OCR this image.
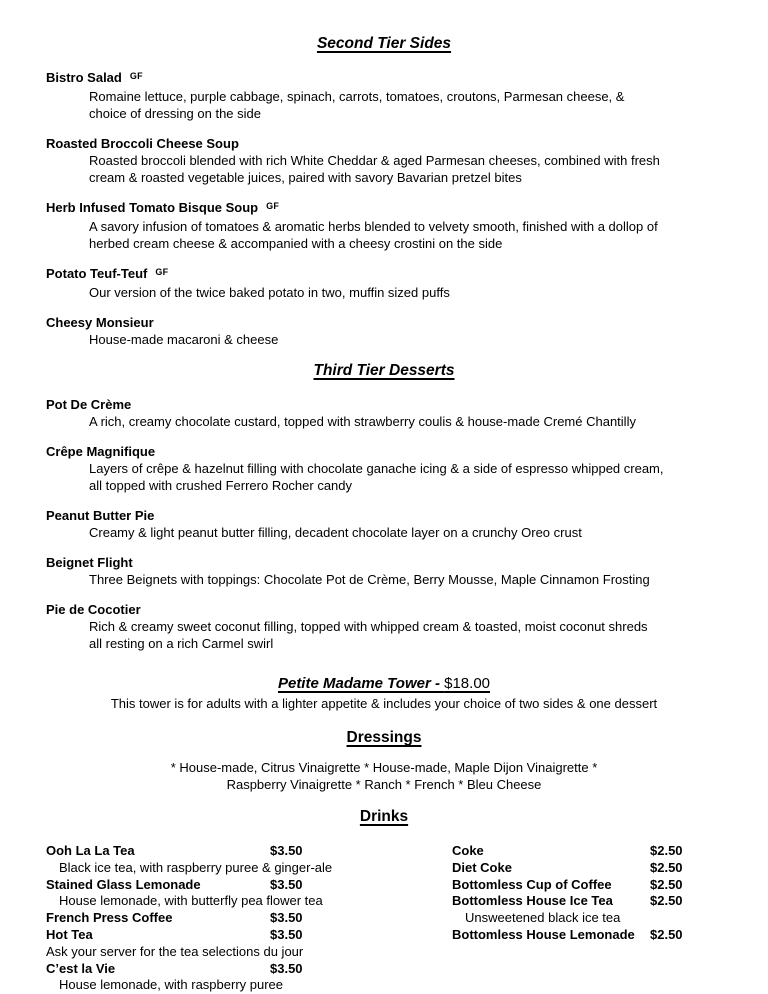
Second Tier Sides
Bistro Salad $^{GF}$
Romaine lettuce, purple cabbage, spinach, carrots, tomatoes, croutons, Parmesan cheese, &
choice of dressing on the side
Roasted Broccoli Cheese Soup
Roasted broccoli blended with rich White Cheddar & aged Parmesan cheeses, combined with fresh
cream & roasted vegetable juices, paired with savory Bavarian pretzel bites
Herb Infused Tomato Bisque Soup $^{GF}$
A savory infusion of tomatoes & aromatic herbs blended to velvety smooth, finished with a dollop of
herbed cream cheese & accompanied with a cheesy crostini on the side
Potato Teuf-Teuf $^{GF}$
Our version of the twice baked potato in two, muffin sized puffs
Cheesy Monsieur
House-made macaroni & cheese
Third Tier Desserts
Pot De Crème
A rich, creamy chocolate custard, topped with strawberry coulis & house-made Cremé Chantilly
Crêpe Magnifique
Layers of crêpe & hazelnut filling with chocolate ganache icing & a side of espresso whipped cream,
all topped with crushed Ferrero Rocher candy
Peanut Butter Pie
Creamy & light peanut butter filling, decadent chocolate layer on a crunchy Oreo crust
Beignet Flight
Three Beignets with toppings: Chocolate Pot de Crème, Berry Mousse, Maple Cinnamon Frosting
Pie de Cocotier
Rich & creamy sweet coconut filling, topped with whipped cream & toasted, moist coconut shreds
all resting on a rich Carmel swirl
Petite Madame Tower - $18.00
This tower is for adults with a lighter appetite & includes your choice of two sides & one dessert
Dressings
* House-made, Citrus Vinaigrette * House-made, Maple Dijon Vinaigrette *
Raspberry Vinaigrette * Ranch * French * Bleu Cheese
Drinks
Ooh La La Tea	$3.50
Black ice tea, with raspberry puree & ginger-ale
Stained Glass Lemonade	$3.50
House lemonade, with butterfly pea flower tea
French Press Coffee	$3.50
Hot Tea	$3.50
Ask your server for the tea selections du jour
C’est la Vie	$3.50
House lemonade, with raspberry puree
Coke	$2.50
Diet Coke	$2.50
Bottomless Cup of Coffee	$2.50
Bottomless House Ice Tea	$2.50
Unsweetened black ice tea
Bottomless House Lemonade	$2.50
